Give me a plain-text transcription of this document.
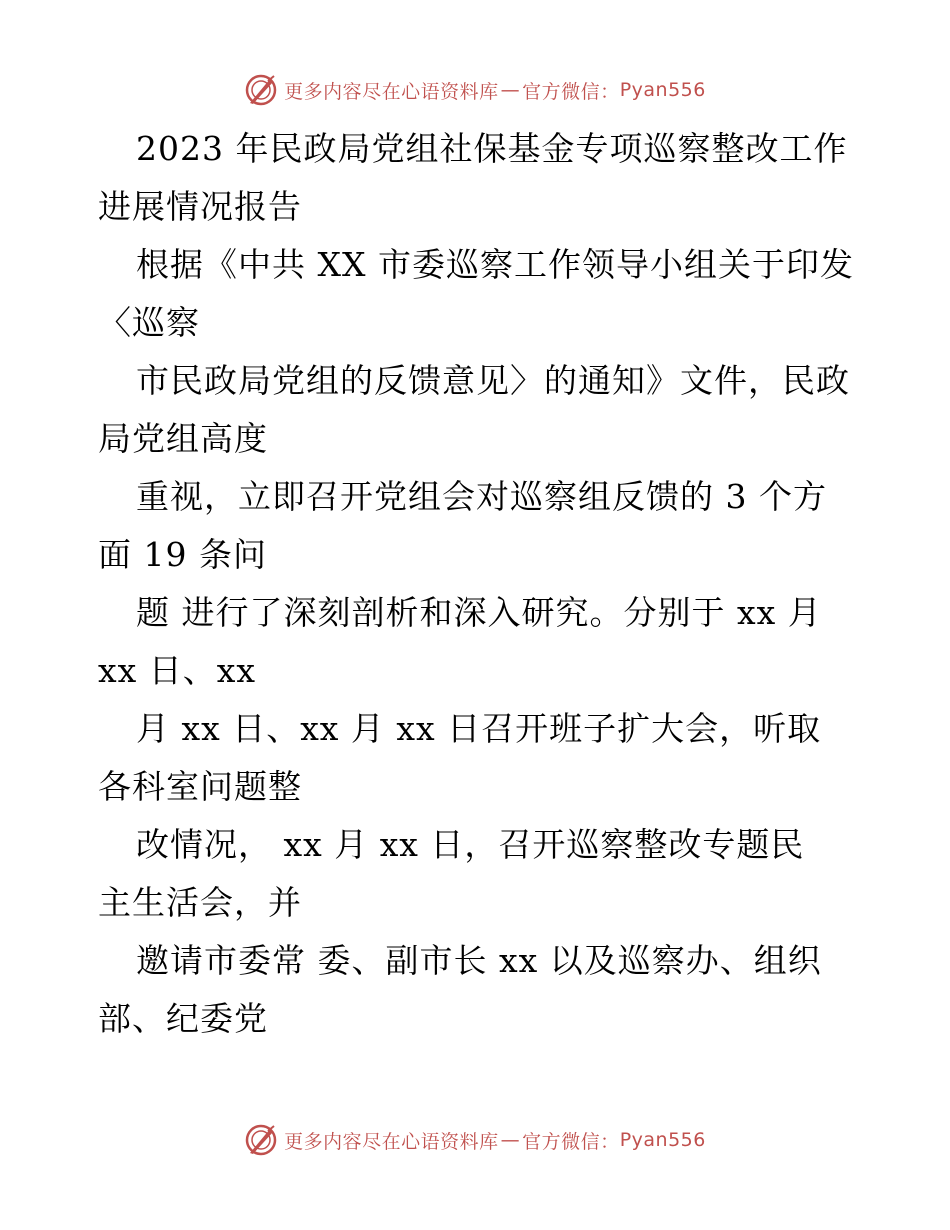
更多内容尽在心语资料库 — 官方微信： Pyan556
2023 年民政局党组社保基金专项巡察整改工作
进展情况报告
根据《中共 XX 市委巡察工作领导小组关于印发
〈巡察
市民政局党组的反馈意见〉的通知》文件，民政
局党组高度
重视，立即召开党组会对巡察组反馈的 3 个方
面 19 条问
题 进行了深刻剖析和深入研究。分别于 xx 月
xx 日、xx
月 xx 日、xx 月 xx 日召开班子扩大会，听取
各科室问题整
改情况， xx 月 xx 日，召开巡察整改专题民
主生活会，并
邀请市委常 委、副市长 xx 以及巡察办、组织
部、纪委党
更多内容尽在心语资料库 — 官方微信： Pyan556
